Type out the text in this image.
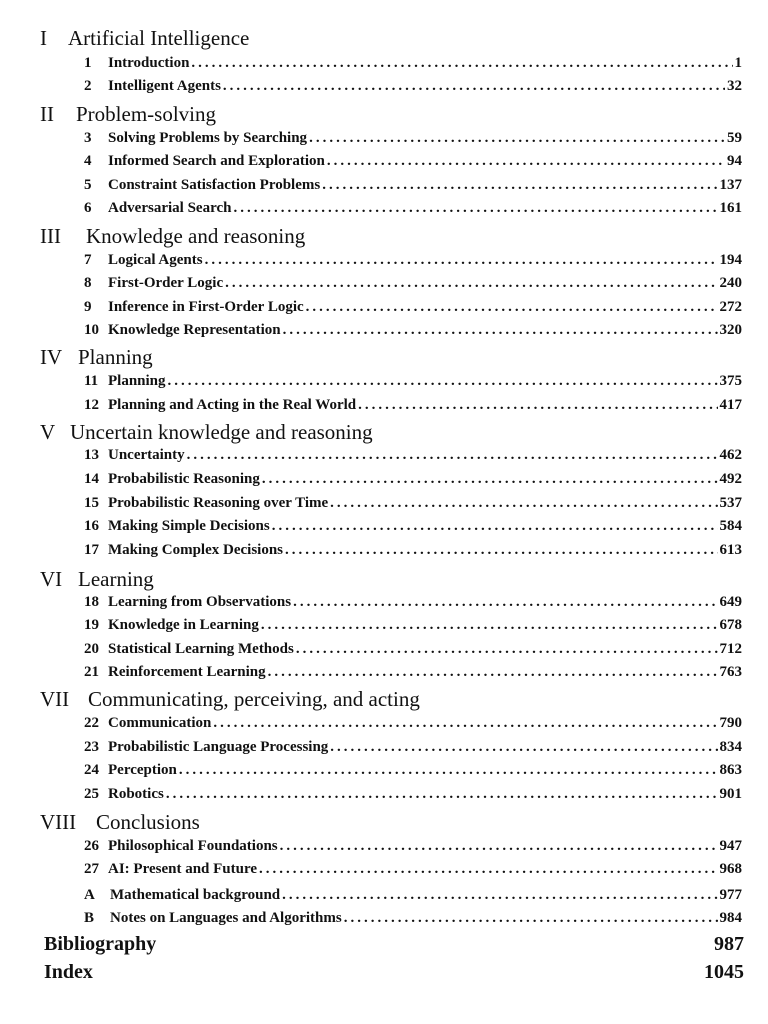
I Artificial Intelligence
1	Introduction .....	1
2	Intelligent Agents .....	32
II Problem-solving
3	Solving Problems by Searching .....	59
4	Informed Search and Exploration .....	94
5	Constraint Satisfaction Problems .....	137
6	Adversarial Search .....	161
III Knowledge and reasoning
7	Logical Agents .....	194
8	First-Order Logic .....	240
9	Inference in First-Order Logic .....	272
10 Knowledge Representation .....	320
IV Planning
11 Planning .....	375
12 Planning and Acting in the Real World .....	417
V Uncertain knowledge and reasoning
13 Uncertainty .....	462
14 Probabilistic Reasoning .....	492
15 Probabilistic Reasoning over Time .....	537
16 Making Simple Decisions .....	584
17 Making Complex Decisions .....	613
VI Learning
18 Learning from Observations .....	649
19 Knowledge in Learning .....	678
20 Statistical Learning Methods .....	712
21 Reinforcement Learning .....	763
VII Communicating, perceiving, and acting
22 Communication .....	790
23 Probabilistic Language Processing .....	834
24 Perception .....	863
25 Robotics .....	901
VIII Conclusions
26 Philosophical Foundations .....	947
27 AI: Present and Future .....	968
A	Mathematical background .....	977
B	Notes on Languages and Algorithms .....	984
Bibliography	987
Index	1045
